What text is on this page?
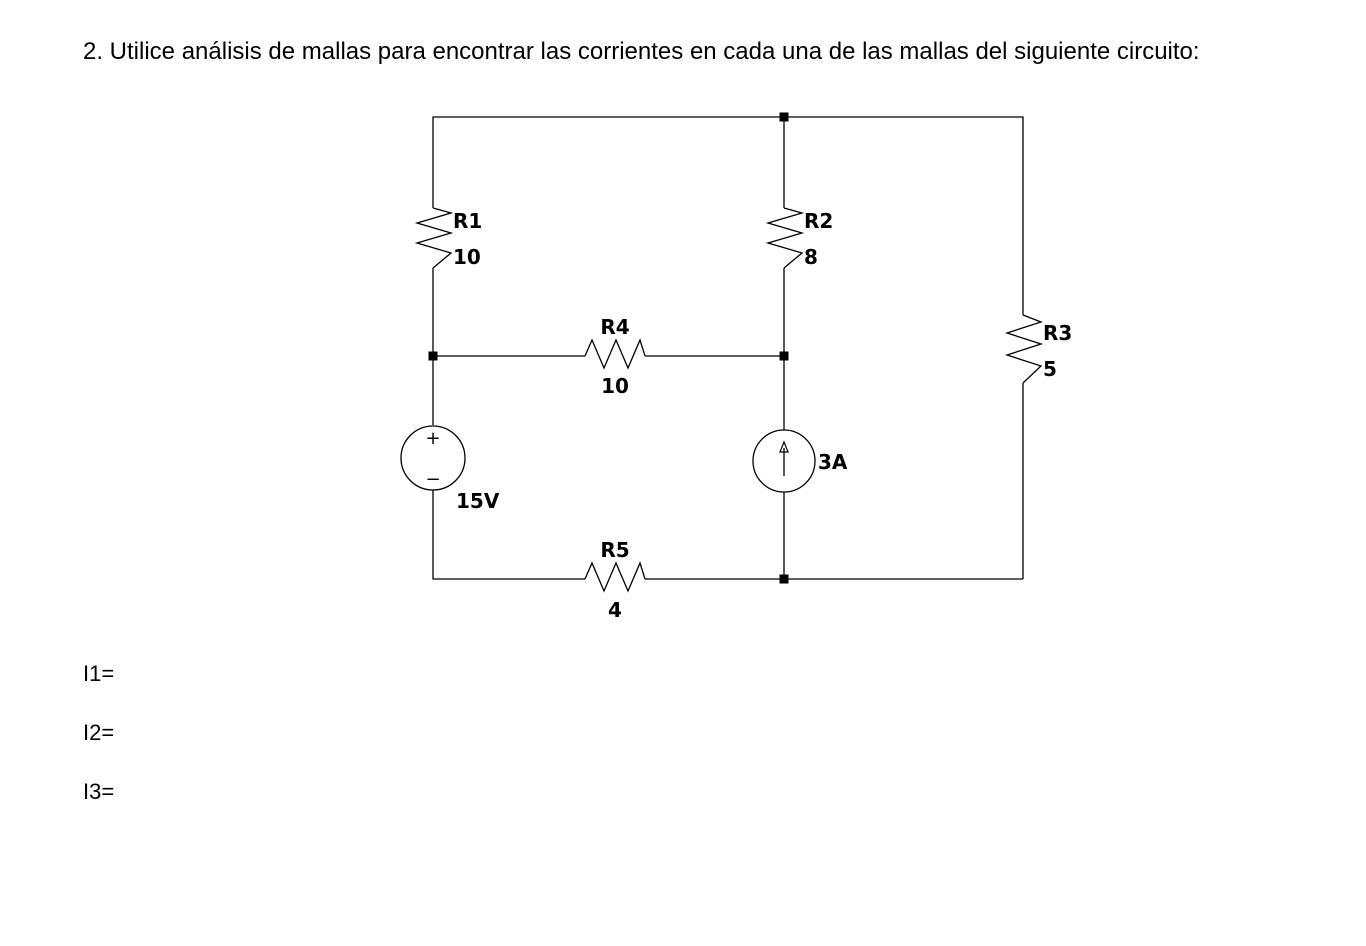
2. Utilice análisis de mallas para encontrar las corrientes en cada una de las mallas del siguiente circuito:
R1
10
R2
8
R3
5
R4
10
R5
4
+
−
15V
3A
I1=
I2=
I3=
